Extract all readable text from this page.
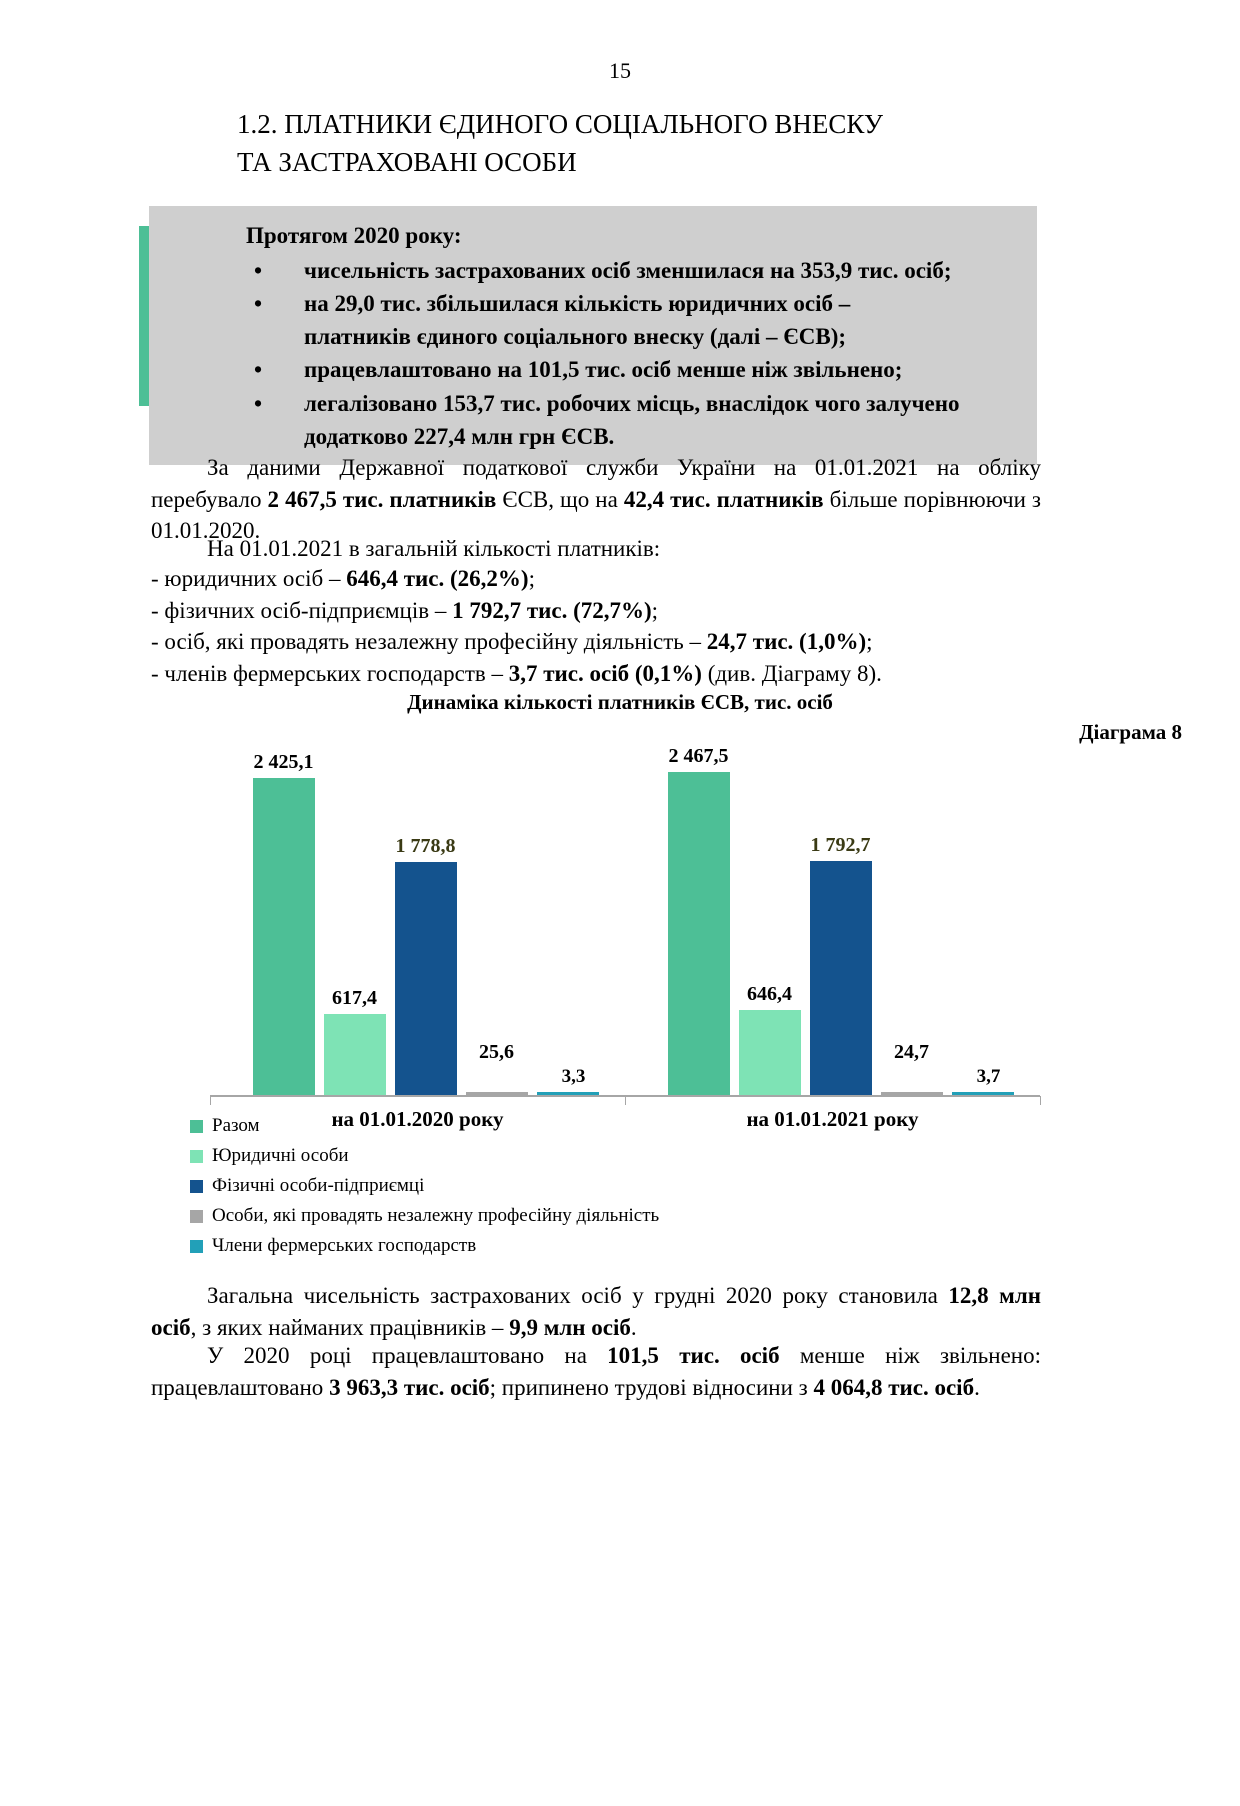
15
1.2. ПЛАТНИКИ ЄДИНОГО СОЦІАЛЬНОГО ВНЕСКУ
ТА ЗАСТРАХОВАНІ ОСОБИ

Протягом 2020 року:

• чисельність застрахованих осіб зменшилася на 353,9 тис. осіб;
• на 29,0 тис. збільшилася кількість юридичних осіб –
платників єдиного соціального внеску (далі – ЄСВ);
• працевлаштовано на 101,5 тис. осіб менше ніж звільнено;
• легалізовано 153,7 тис. робочих місць, внаслідок чого залучено
додатково 227,4 млн грн ЄСВ.
За даними Державної податкової служби України на 01.01.2021 на обліку перебувало 2 467,5 тис. платників ЄСВ, що на 42,4 тис. платників більше порівнюючи з 01.01.2020.
На 01.01.2021 в загальній кількості платників:
- юридичних осіб – 646,4 тис. (26,2%);
- фізичних осіб-підприємців – 1 792,7 тис. (72,7%);
- осіб, які провадять незалежну професійну діяльність – 24,7 тис. (1,0%);
- членів фермерських господарств – 3,7 тис. осіб (0,1%) (див. Діаграму 8).
Динаміка кількості платників ЄСВ, тис. осіб
Діаграма 8
2 425,1
617,4
1 778,8
25,6
3,3
2 467,5
646,4
1 792,7
24,7
3,7
на 01.01.2020 року	на 01.01.2021 року
Разом
Юридичні особи
Фізичні особи-підприємці
Особи, які провадять незалежну професійну діяльність
Члени фермерських господарств
Загальна чисельність застрахованих осіб у грудні 2020 року становила 12,8 млн осіб, з яких найманих працівників – 9,9 млн осіб.
У 2020 році працевлаштовано на 101,5 тис. осіб менше ніж звільнено: працевлаштовано 3 963,3 тис. осіб; припинено трудові відносини з 4 064,8 тис. осіб.
